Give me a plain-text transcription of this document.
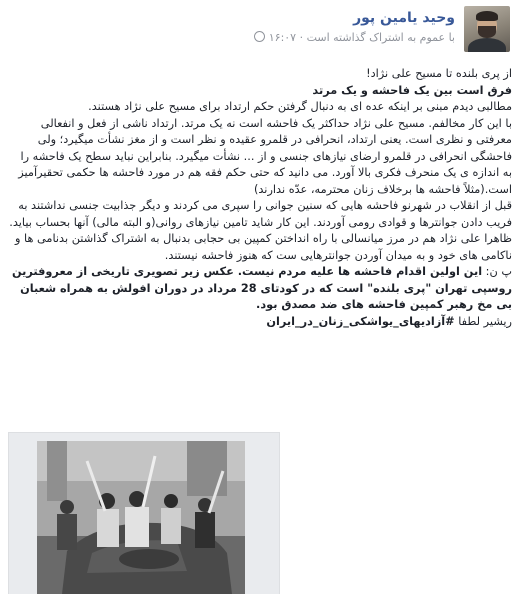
وحید یامین پور
با عموم به اشتراک گذاشته است · ۱۶:۰۷

از پری بلنده تا مسیح علی نژاد!

فرق است بین یک فاحشه و یک مرتد

مطالبی دیدم مبنی بر اینکه عده ای به دنبال گرفتن حکم ارتداد برای مسیح علی نژاد هستند.

با این کار مخالفم. مسیح علی نژاد حداکثر یک فاحشه است نه یک مرتد. ارتداد ناشی از فعل و انفعالی معرفتی و نظری است. یعنی ارتداد، انحرافی در قلمرو عقیده و نظر است و از مغز نشأت میگیرد؛ ولی فاحشگی انحرافی در قلمرو ارضای نیازهای جنسی و از ... نشأت میگیرد. بنابراین نباید سطح یک فاحشه را به اندازه ی یک منحرف فکری بالا آورد. می دانید که حتی حکم فقه هم در مورد فاحشه ها حکمی تحقیرآمیز است.(مثلاً فاحشه ها برخلاف زنان محترمه، عدّه ندارند)

قبل از انقلاب در شهرنو فاحشه هایی که سنین جوانی را سپری می کردند و دیگر جذابیت جنسی نداشتند به فریب دادن جوانترها و قوادی رومی آوردند. این کار شاید تامین نیازهای روانی(و البته مالی) آنها بحساب بیاید. ظاهرا علی نژاد هم در مرز میانسالی با راه انداختن کمپین بی حجابی بدنبال به اشتراک گذاشتن بدنامی ها و ناکامی های خود و به میدان آوردن جوانترهایی ست که هنوز فاحشه نیستند.

پ ن: این اولین اقدام فاحشه ها علیه مردم نیست. عکس زیر تصویری تاریخی از معروفترین روسپی تهران "پری بلنده" است که در کودتای 28 مرداد در دوران افولش به همراه شعبان بی مخ رهبر کمپین فاحشه های ضد مصدق بود.

ریشیر لطفا #آزادیهای_یواشکی_زنان_در_ایران
